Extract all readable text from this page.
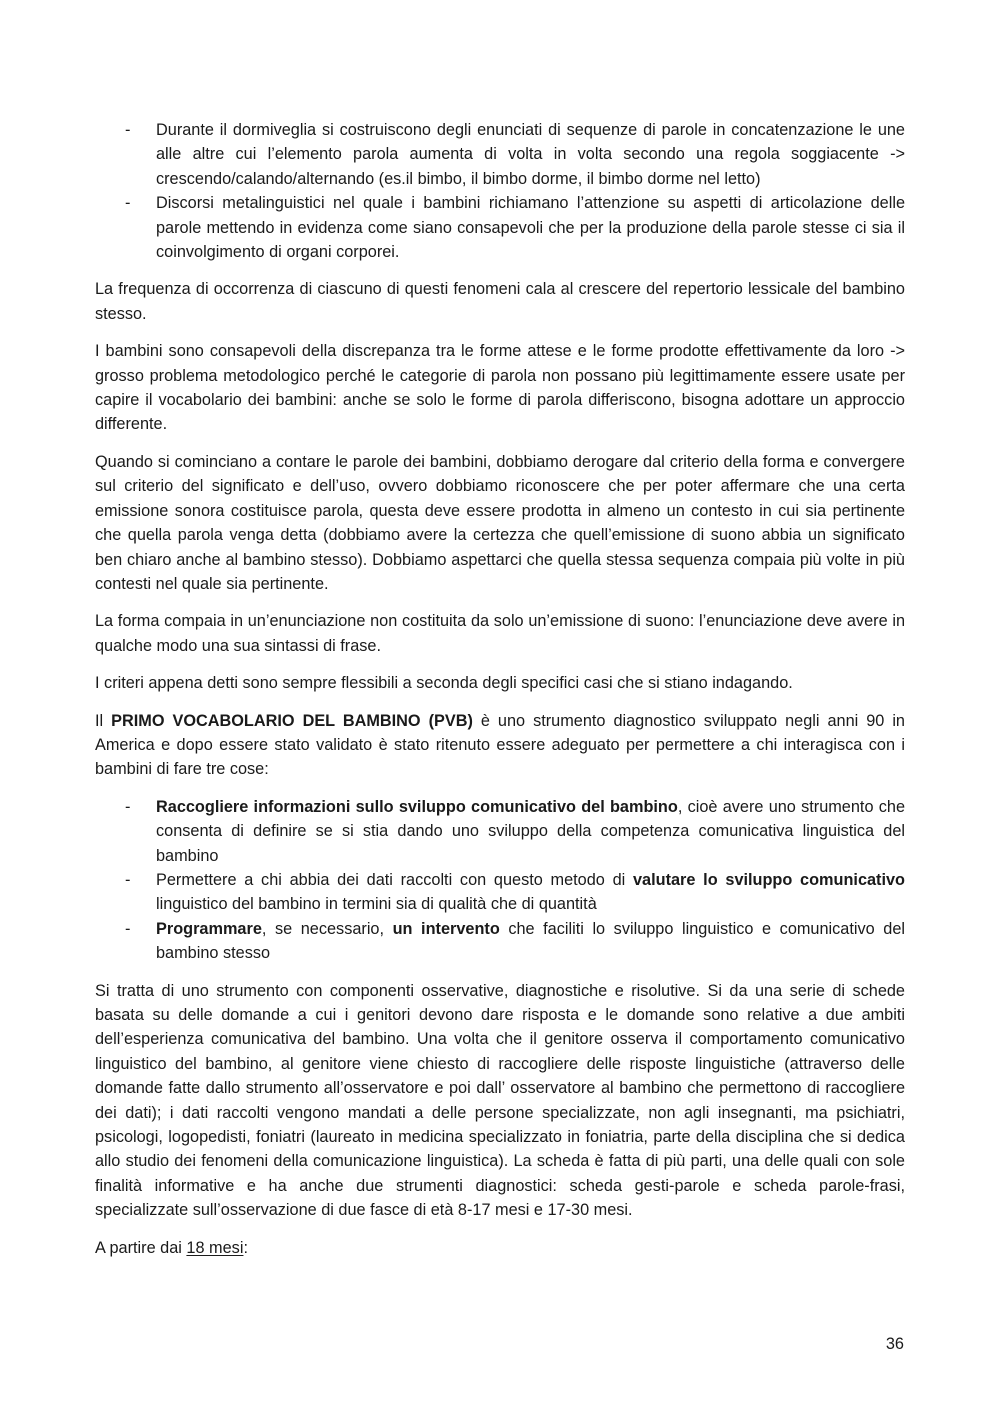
- Durante il dormiveglia si costruiscono degli enunciati di sequenze di parole in concatenzazione le une alle altre cui l’elemento parola aumenta di volta in volta secondo una regola soggiacente -> crescendo/calando/alternando (es.il bimbo, il bimbo dorme, il bimbo dorme nel letto)
- Discorsi metalinguistici nel quale i bambini richiamano l’attenzione su aspetti di articolazione delle parole mettendo in evidenza come siano consapevoli che per la produzione della parole stesse ci sia il coinvolgimento di organi corporei.

La frequenza di occorrenza di ciascuno di questi fenomeni cala al crescere del repertorio lessicale del bambino stesso.

I bambini sono consapevoli della discrepanza tra le forme attese e le forme prodotte effettivamente da loro -> grosso problema metodologico perché le categorie di parola non possano più legittimamente essere usate per capire il vocabolario dei bambini: anche se solo le forme di parola differiscono, bisogna adottare un approccio differente.

Quando si cominciano a contare le parole dei bambini, dobbiamo derogare dal criterio della forma e convergere sul criterio del significato e dell’uso, ovvero dobbiamo riconoscere che per poter affermare che una certa emissione sonora costituisce parola, questa deve essere prodotta in almeno un contesto in cui sia pertinente che quella parola venga detta (dobbiamo avere la certezza che quell’emissione di suono abbia un significato ben chiaro anche al bambino stesso). Dobbiamo aspettarci che quella stessa sequenza compaia più volte in più contesti nel quale sia pertinente.

La forma compaia in un’enunciazione non costituita da solo un’emissione di suono: l’enunciazione deve avere in qualche modo una sua sintassi di frase.

I criteri appena detti sono sempre flessibili a seconda degli specifici casi che si stiano indagando.

Il PRIMO VOCABOLARIO DEL BAMBINO (PVB) è uno strumento diagnostico sviluppato negli anni 90 in America e dopo essere stato validato è stato ritenuto essere adeguato per permettere a chi interagisca con i bambini di fare tre cose:

- Raccogliere informazioni sullo sviluppo comunicativo del bambino, cioè avere uno strumento che consenta di definire se si stia dando uno sviluppo della competenza comunicativa linguistica del bambino
- Permettere a chi abbia dei dati raccolti con questo metodo di valutare lo sviluppo comunicativo linguistico del bambino in termini sia di qualità che di quantità
- Programmare, se necessario, un intervento che faciliti lo sviluppo linguistico e comunicativo del bambino stesso

Si tratta di uno strumento con componenti osservative, diagnostiche e risolutive. Si da una serie di schede basata su delle domande a cui i genitori devono dare risposta e le domande sono relative a due ambiti dell’esperienza comunicativa del bambino. Una volta che il genitore osserva il comportamento comunicativo linguistico del bambino, al genitore viene chiesto di raccogliere delle risposte linguistiche (attraverso delle domande fatte dallo strumento all’osservatore e poi dall’ osservatore al bambino che permettono di raccogliere dei dati); i dati raccolti vengono mandati a delle persone specializzate, non agli insegnanti, ma psichiatri, psicologi, logopedisti, foniatri (laureato in medicina specializzato in foniatria, parte della disciplina che si dedica allo studio dei fenomeni della comunicazione linguistica). La scheda è fatta di più parti, una delle quali con sole finalità informative e ha anche due strumenti diagnostici: scheda gesti-parole e scheda parole-frasi, specializzate sull’osservazione di due fasce di età 8-17 mesi e 17-30 mesi.

A partire dai 18 mesi:

36
